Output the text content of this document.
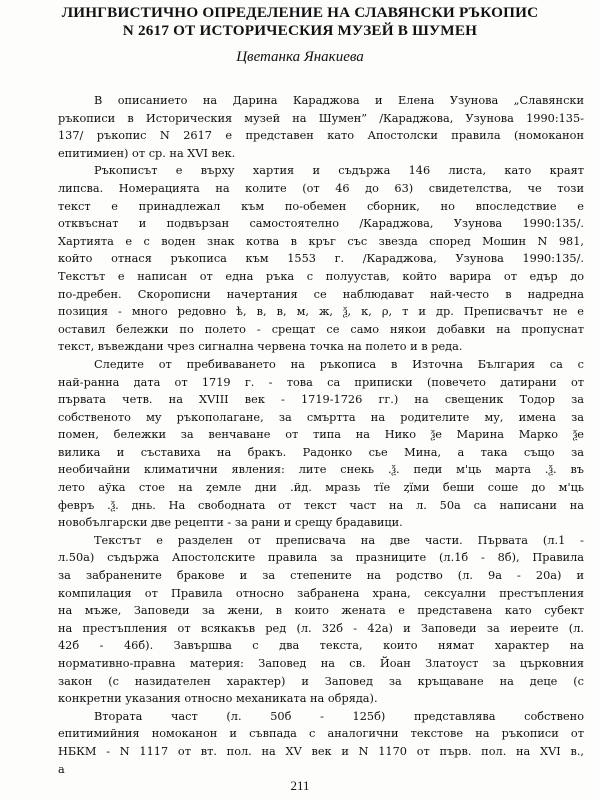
ЛИНГВИСТИЧНО ОПРЕДЕЛЕНИЕ НА СЛАВЯНСКИ РЪКОПИС
N 2617 ОТ ИСТОРИЧЕСКИЯ МУЗЕЙ В ШУМЕН

Цветанка Янакиева

В описанието на Дарина Караджова и Елена Узунова „Славянски
ръкописи в Историческия музей на Шумен” /Караджова, Узунова 1990:135-
137/ ръкопис N 2617 е представен като Апостолски правила (номоканон
епитимиен) от ср. на XVI век.
Ръкописът е върху хартия и съдържа 146 листа, като краят
липсва. Номерацията на колите (от 46 до 63) свидетелства, че този
текст е принадлежал към по-обемен сборник, но впоследствие е
отквъснат и подвързан самостоятелно /Караджова, Узунова 1990:135/.
Хартията е с воден знак котва в кръг със звезда според Мошин N 981,
който отнася ръкописа към 1553 г. /Караджова, Узунова 1990:135/.
Текстът е написан от една ръка с полуустав, който варира от едър до
по-дребен. Скорописни начертания се наблюдават най-често в надредна
позиция - много редовно ѣ, в, в, м, ж, ѯ, к, ρ, т и др. Преписвачът не е
оставил бележки по полето - срещат се само някои добавки на пропуснат
текст, въвеждани чрез сигнална червена точка на полето и в реда.
Следите от пребиваването на ръкописа в Източна България са с
най-ранна дата от 1719 г. - това са приписки (повечето датирани от
първата четв. на XVIII век - 1719-1726 гг.) на свещеник Тодор за
собственото му ръкополагане, за смъртта на родителите му, имена за
помен, бележки за венчаване от типа на Нико ѯе Марина Марко ѯе
вилика и съставиха на бракъ. Радонко сье Мина, а така също за
необичайни климатични явления: лите снекь .ѯ. педи м'ць марта .ѯ. въ
лето аўка стое на ȥемле дни .йд. мразь тїе ȥїми беши соше до м'ць
февръ .ѯ. днь. На свободната от текст част на л. 50а са написани на
новобългарски две рецепти - за рани и срещу брадавици.
Текстът е разделен от преписвача на две части. Първата (л.1 -
л.50а) съдържа Апостолските правила за празниците (л.1б - 8б), Правила
за забранените бракове и за степените на родство (л. 9а - 20а) и
компилация от Правила относно забранена храна, сексуални престъпления
на мъже, Заповеди за жени, в които жената е представена като субект
на престъпления от всякакъв ред (л. 32б - 42а) и Заповеди за иереите (л.
42б - 46б). Завършва с два текста, които нямат характер на
нормативно-правна материя: Заповед на св. Йоан Златоуст за църковния
закон (с назидателен характер) и Заповед за кръщаване на деце (с
конкретни указания относно механиката на обряда).
Втората част (л. 50б - 125б) представлява собствено
епитимийния номоканон и съвпада с аналогични текстове на ръкописи от
НБКМ - N 1117 от вт. пол. на XV век и N 1170 от първ. пол. на XVI в.,
а
211
